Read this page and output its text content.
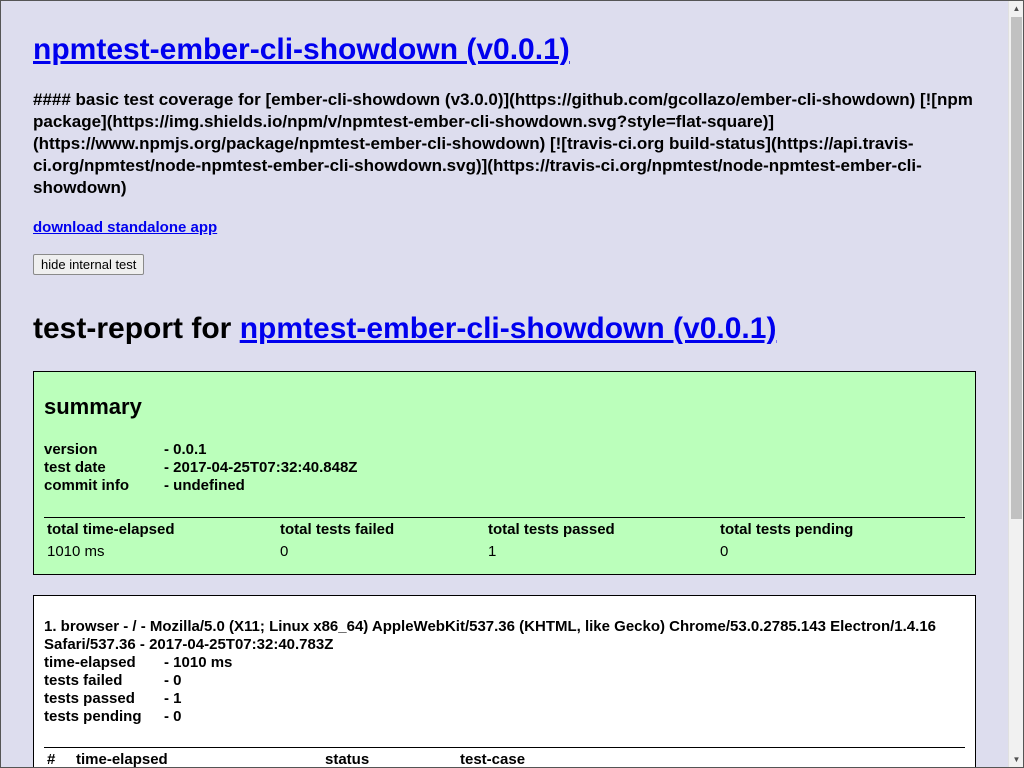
npmtest-ember-cli-showdown (v0.0.1)

#### basic test coverage for [ember-cli-showdown (v3.0.0)](https://github.com/gcollazo/ember-cli-showdown) [![npm package](https://img.shields.io/npm/v/npmtest-ember-cli-showdown.svg?style=flat-square)](https://www.npmjs.org/package/npmtest-ember-cli-showdown) [![travis-ci.org build-status](https://api.travis-ci.org/npmtest/node-npmtest-ember-cli-showdown.svg)](https://travis-ci.org/npmtest/node-npmtest-ember-cli-showdown)

download standalone app
hide internal test
test-report for npmtest-ember-cli-showdown (v0.0.1)
summary
version	- 0.0.1
test date	- 2017-04-25T07:32:40.848Z
commit info - undefined
total time-elapsed	total tests failed	total tests passed	total tests pending
1010 ms	0	1	0
1. browser - / - Mozilla/5.0 (X11; Linux x86_64) AppleWebKit/537.36 (KHTML, like Gecko) Chrome/53.0.2785.143 Electron/1.4.16 Safari/537.36 - 2017-04-25T07:32:40.783Z
time-elapsed - 1010 ms
tests failed	- 0
tests passed - 1
tests pending - 0
# time-elapsed	status	test-case
▲
▼
